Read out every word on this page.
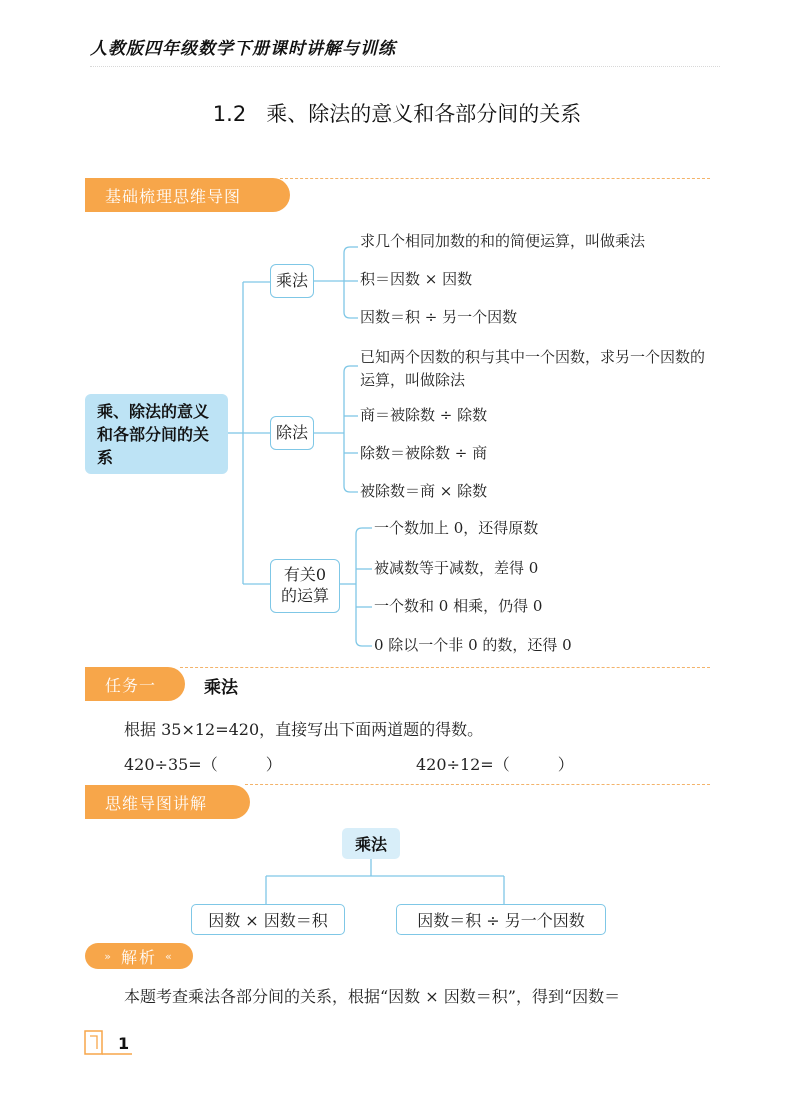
人教版四年级数学下册课时讲解与训练
1.2 乘、除法的意义和各部分间的关系
基础梳理思维导图
乘、除法的意义和各部分间的关系
乘法
除法
有关0的运算
求几个相同加数的和的简便运算，叫做乘法
积＝因数 × 因数
因数＝积 ÷ 另一个因数
已知两个因数的积与其中一个因数，求另一个因数的运算，叫做除法
商＝被除数 ÷ 除数
除数＝被除数 ÷ 商
被除数＝商 × 除数
一个数加上 0，还得原数
被减数等于减数，差得 0
一个数和 0 相乘，仍得 0
0 除以一个非 0 的数，还得 0
任务一	乘法
根据 35×12=420，直接写出下面两道题的得数。
420÷35=（　　　）	420÷12=（　　　）
思维导图讲解
乘法
因数 × 因数＝积	因数＝积 ÷ 另一个因数
» 解析 «
本题考查乘法各部分间的关系，根据“因数 × 因数＝积”，得到“因数＝
1
